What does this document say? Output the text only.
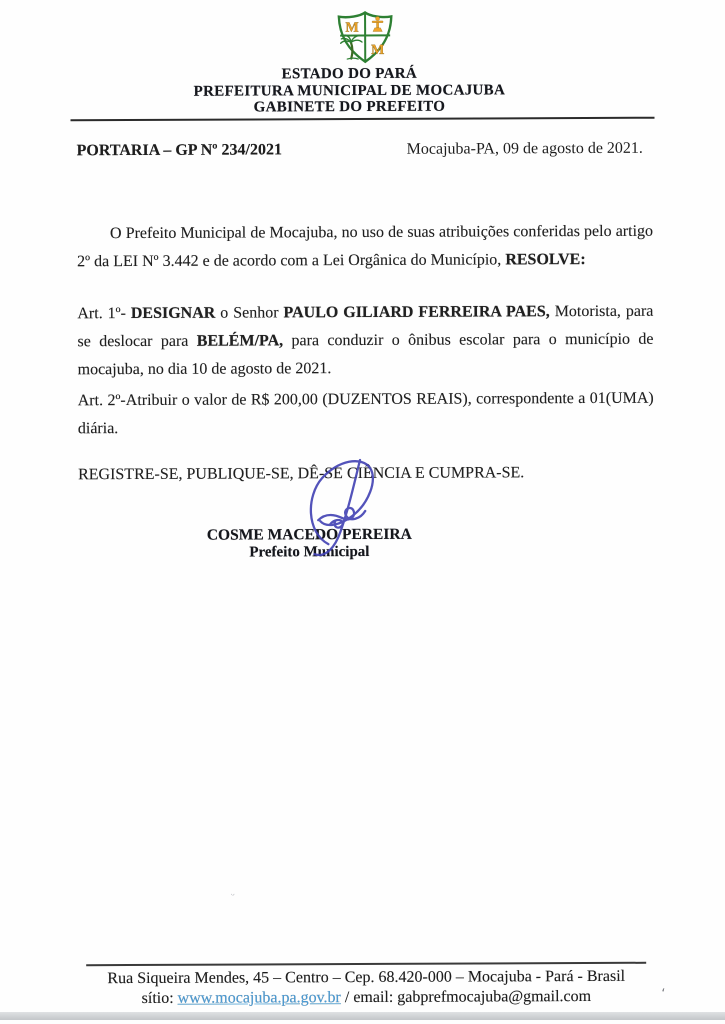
M
M
ESTADO DO PARÁ
PREFEITURA MUNICIPAL DE MOCAJUBA
GABINETE DO PREFEITO
PORTARIA – GP Nº 234/2021	Mocajuba-PA, 09 de agosto de 2021.

O Prefeito Municipal de Mocajuba, no uso de suas atribuições conferidas pelo artigo 2º da LEI Nº 3.442 e de acordo com a Lei Orgânica do Município, RESOLVE:

Art. 1º- DESIGNAR o Senhor PAULO GILIARD FERREIRA PAES, Motorista, para se deslocar para BELÉM/PA, para conduzir o ônibus escolar para o município de mocajuba, no dia 10 de agosto de 2021.

Art. 2º-Atribuir o valor de R$ 200,00 (DUZENTOS REAIS), correspondente a 01(UMA) diária.

REGISTRE-SE, PUBLIQUE-SE, DÊ-SE CIÊNCIA E CUMPRA-SE.

COSME MACEDO PEREIRA
Prefeito Municipal
Rua Siqueira Mendes, 45 – Centro – Cep. 68.420-000 – Mocajuba - Pará - Brasil
sítio: www.mocajuba.pa.gov.br / email: gabprefmocajuba@gmail.com
ᵕ
ʻ
